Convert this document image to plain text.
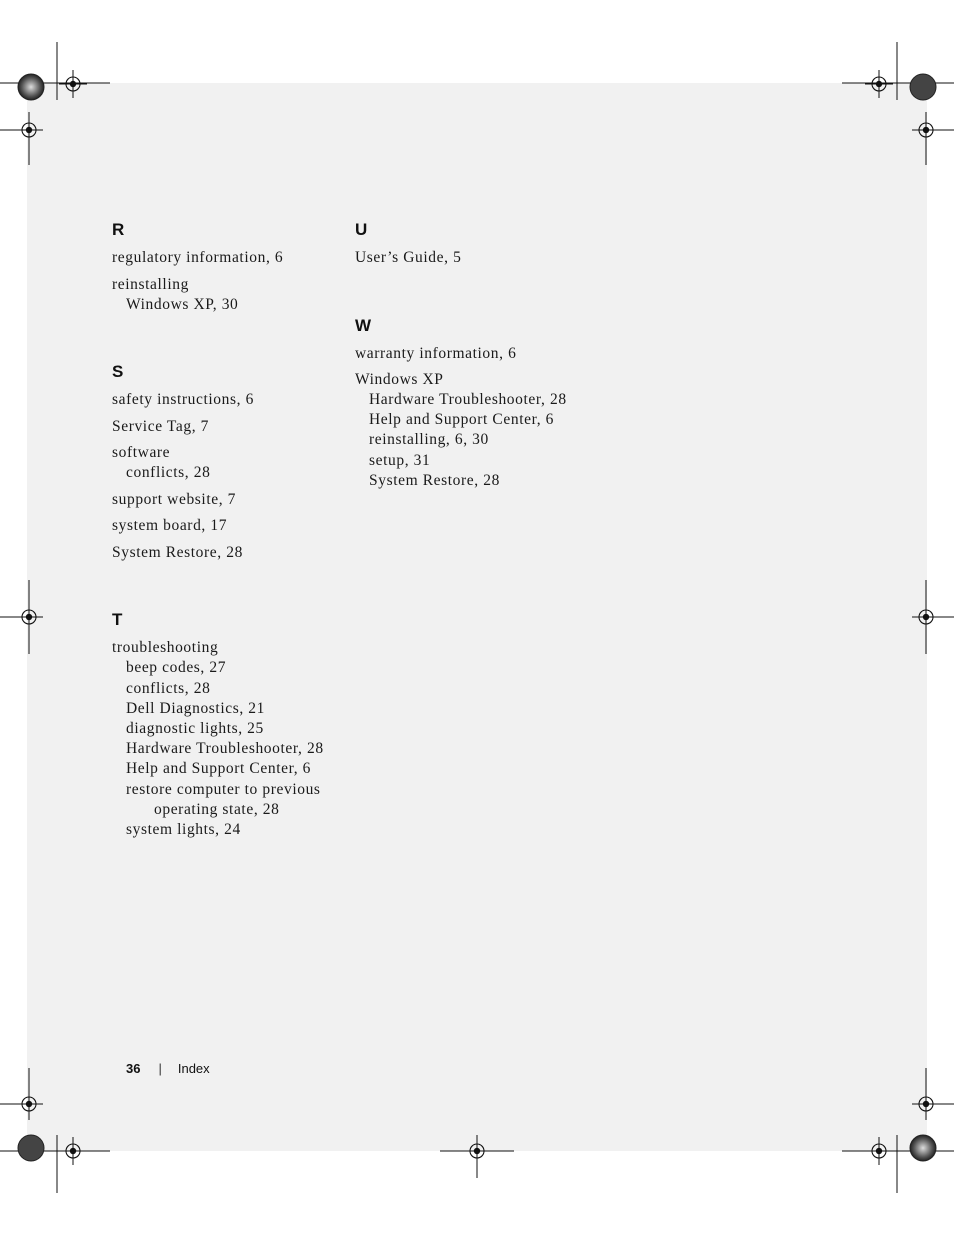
R
regulatory information, 6
reinstalling
Windows XP, 30
S
safety instructions, 6
Service Tag, 7
software
conflicts, 28
support website, 7
system board, 17
System Restore, 28
T
troubleshooting
beep codes, 27
conflicts, 28
Dell Diagnostics, 21
diagnostic lights, 25
Hardware Troubleshooter, 28
Help and Support Center, 6
restore computer to previous
operating state, 28
system lights, 24
U
User’s Guide, 5
W
warranty information, 6
Windows XP
Hardware Troubleshooter, 28
Help and Support Center, 6
reinstalling, 6, 30
setup, 31
System Restore, 28
36 | Index
